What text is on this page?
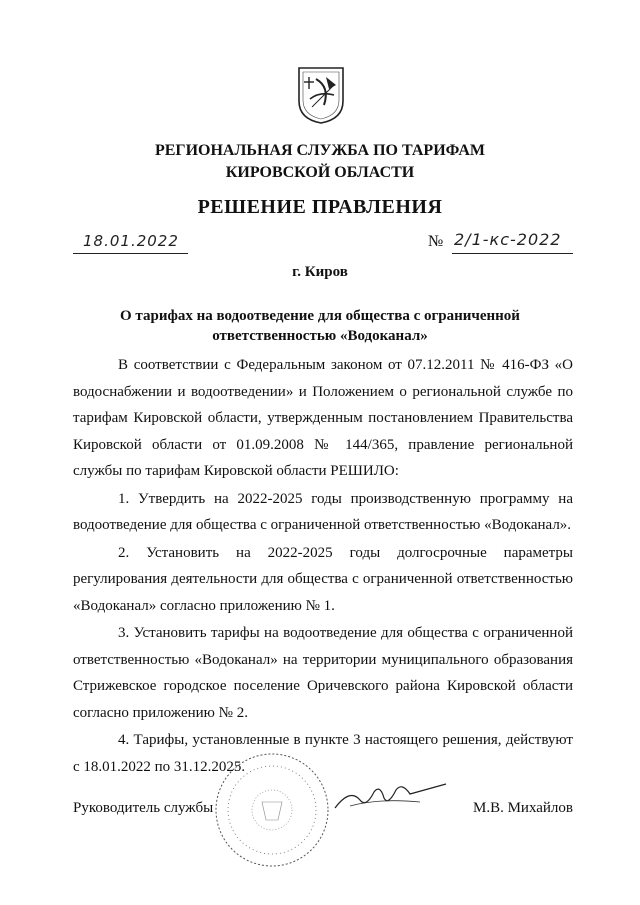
РЕГИОНАЛЬНАЯ СЛУЖБА ПО ТАРИФАМ
КИРОВСКОЙ ОБЛАСТИ
РЕШЕНИЕ ПРАВЛЕНИЯ
18.01.2022	№ 2/1-кс-2022
г. Киров
О тарифах на водоотведение для общества с ограниченной
ответственностью «Водоканал»

В соответствии с Федеральным законом от 07.12.2011 № 416-ФЗ «О водоснабжении и водоотведении» и Положением о региональной службе по тарифам Кировской области, утвержденным постановлением Правительства Кировской области от 01.09.2008 № 144/365, правление региональной службы по тарифам Кировской области РЕШИЛО:

1. Утвердить на 2022-2025 годы производственную программу на водоотведение для общества с ограниченной ответственностью «Водоканал».

2. Установить на 2022-2025 годы долгосрочные параметры регулирования деятельности для общества с ограниченной ответственностью «Водоканал» согласно приложению № 1.

3. Установить тарифы на водоотведение для общества с ограниченной ответственностью «Водоканал» на территории муниципального образования Стрижевское городское поселение Оричевского района Кировской области согласно приложению № 2.

4. Тарифы, установленные в пункте 3 настоящего решения, действуют с 18.01.2022 по 31.12.2025.

Руководитель службы	М.В. Михайлов
